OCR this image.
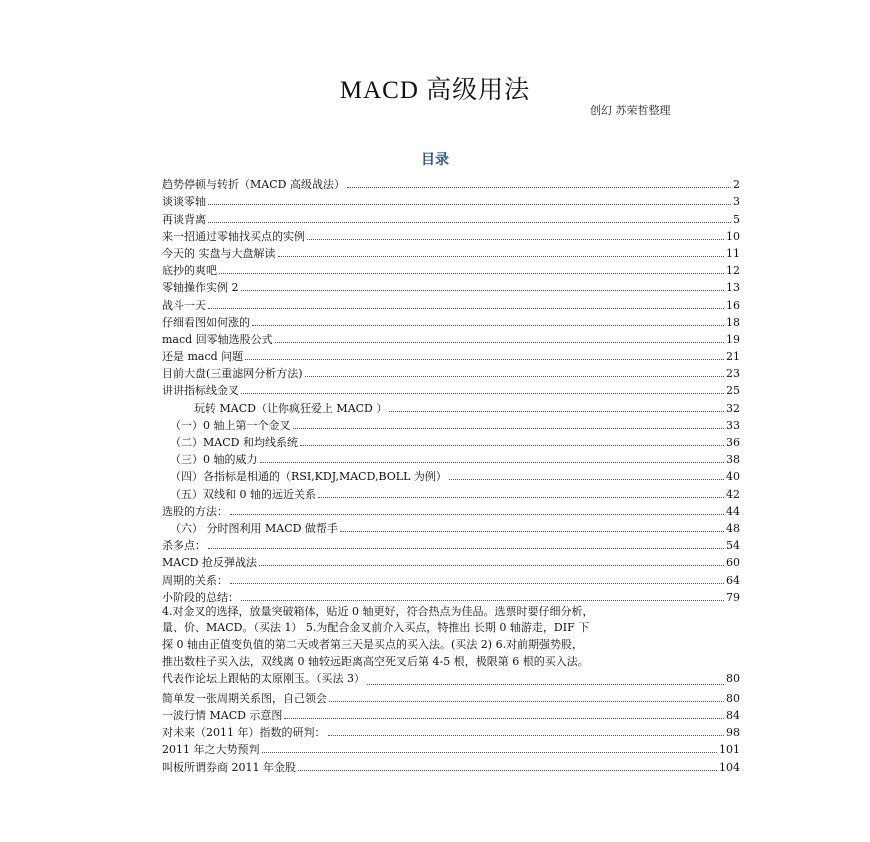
MACD 高级用法
创幻 苏荣哲整理
目录
趋势停顿与转折（MACD 高级战法）	2
谈谈零轴	3
再谈背离	5
来一招通过零轴找买点的实例	10
今天的 实盘与大盘解读	11
底抄的爽吧	12
零轴操作实例 2	13
战斗一天	16
仔细看图如何涨的	18
macd 回零轴选股公式	19
还是 macd 问题	21
目前大盘(三重滤网分析方法)	23
讲讲指标线金叉	25
玩转 MACD（让你疯狂爱上 MACD ）	32
（一）0 轴上第一个金叉	33
（二）MACD 和均线系统	36
（三）0 轴的威力	38
（四）各指标是相通的（RSI,KDJ,MACD,BOLL 为例）	40
（五）双线和 0 轴的远近关系	42
选股的方法：	44
（六） 分时图利用 MACD 做帮手	48
杀多点：	54
MACD 抢反弹战法	60
周期的关系：	64
小阶段的总结：	79
4.对金叉的选择，放量突破箱体，贴近 0 轴更好，符合热点为佳品。选票时要仔细分析，
量、价、MACD。（买法 1） 5.为配合金叉前介入买点，特推出 长期 0 轴游走，DIF 下
探 0 轴由正值变负值的第二天或者第三天是买点的买入法。(买法 2) 6.对前期强势股，
推出数柱子买入法，双线离 0 轴较远距离高空死叉后第 4-5 根，极限第 6 根的买入法。
代表作论坛上跟帖的太原刚玉。（买法 3）	80
简单发一张周期关系图，自己领会	80
一波行情 MACD 示意图	84
对未来（2011 年）指数的研判：	98
2011 年之大势预判	101
叫板所谓券商 2011 年金股	104
